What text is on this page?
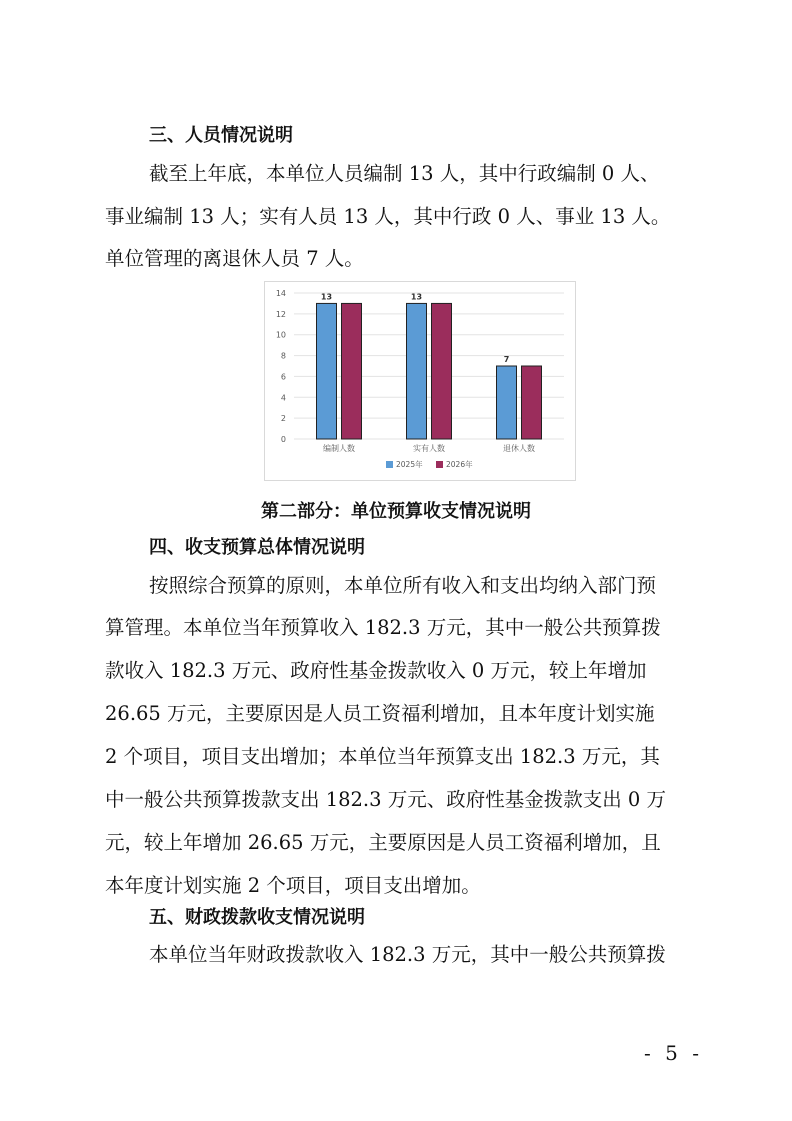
三、人员情况说明
截至上年底，本单位人员编制 13 人，其中行政编制 0 人、
事业编制 13 人；实有人员 13 人，其中行政 0 人、事业 13 人。
单位管理的离退休人员 7 人。
0
2
4
6
8
10
12
14	13	13
7
编制人数	实有人数	退休人数
2025年	2026年
第二部分：单位预算收支情况说明
四、收支预算总体情况说明
按照综合预算的原则，本单位所有收入和支出均纳入部门预
算管理。本单位当年预算收入 182.3 万元，其中一般公共预算拨
款收入 182.3 万元、政府性基金拨款收入 0 万元，较上年增加
26.65 万元，主要原因是人员工资福利增加，且本年度计划实施
2 个项目，项目支出增加；本单位当年预算支出 182.3 万元，其
中一般公共预算拨款支出 182.3 万元、政府性基金拨款支出 0 万
元，较上年增加 26.65 万元，主要原因是人员工资福利增加，且
本年度计划实施 2 个项目，项目支出增加。
五、财政拨款收支情况说明
本单位当年财政拨款收入 182.3 万元，其中一般公共预算拨
- 5 -
